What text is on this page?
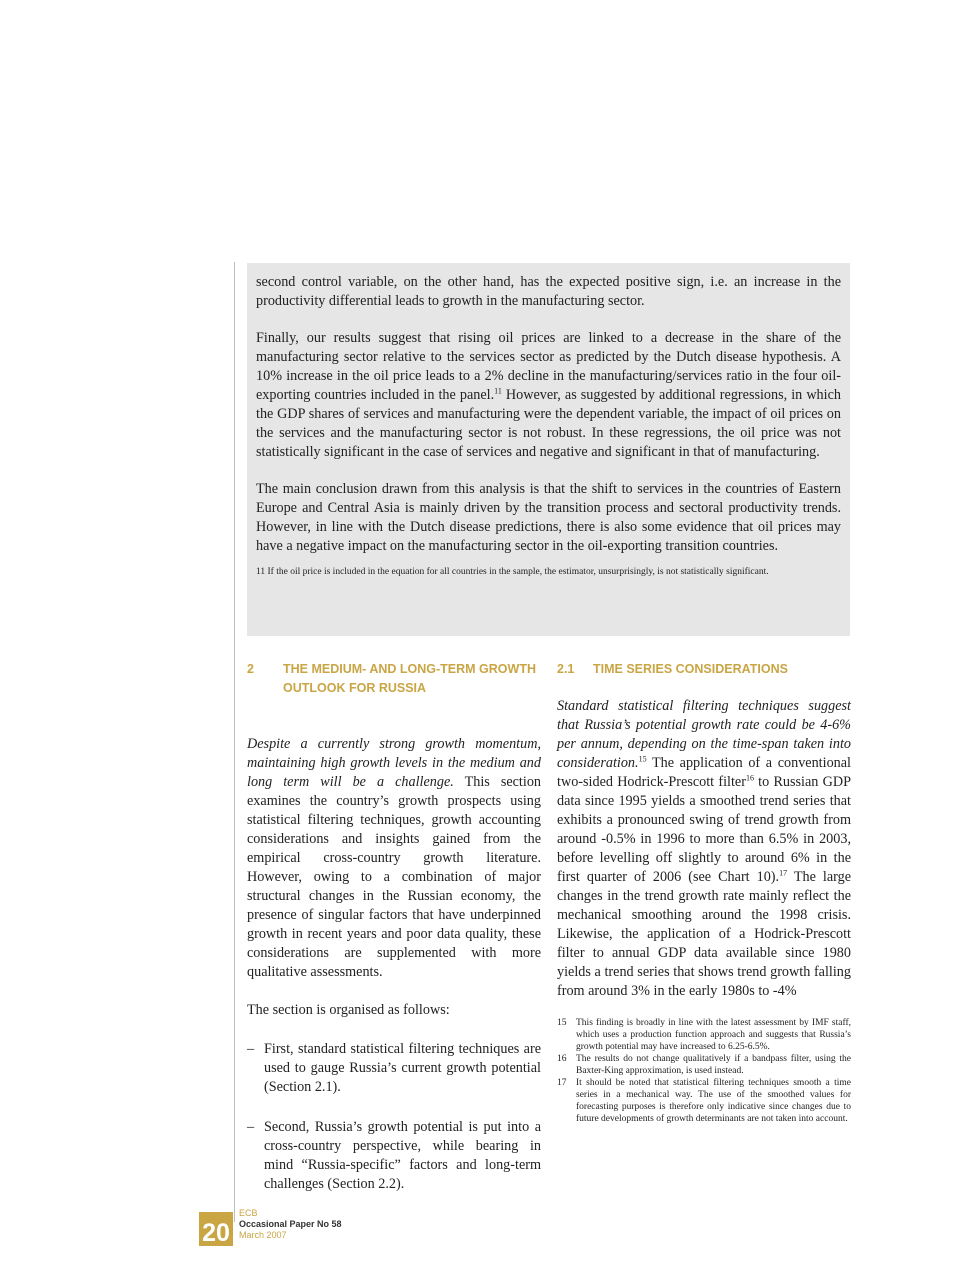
second control variable, on the other hand, has the expected positive sign, i.e. an increase in the productivity differential leads to growth in the manufacturing sector.

Finally, our results suggest that rising oil prices are linked to a decrease in the share of the manufacturing sector relative to the services sector as predicted by the Dutch disease hypothesis. A 10% increase in the oil price leads to a 2% decline in the manufacturing/services ratio in the four oil-exporting countries included in the panel.$^{11}$ However, as suggested by additional regressions, in which the GDP shares of services and manufacturing were the dependent variable, the impact of oil prices on the services and the manufacturing sector is not robust. In these regressions, the oil price was not statistically significant in the case of services and negative and significant in that of manufacturing.

The main conclusion drawn from this analysis is that the shift to services in the countries of Eastern Europe and Central Asia is mainly driven by the transition process and sectoral productivity trends. However, in line with the Dutch disease predictions, there is also some evidence that oil prices may have a negative impact on the manufacturing sector in the oil-exporting transition countries.

11 If the oil price is included in the equation for all countries in the sample, the estimator, unsurprisingly, is not statistically significant.

2	THE MEDIUM- AND LONG-TERM GROWTH OUTLOOK FOR RUSSIA

Despite a currently strong growth momentum, maintaining high growth levels in the medium and long term will be a challenge. This section examines the country’s growth prospects using statistical filtering techniques, growth accounting considerations and insights gained from the empirical cross-country growth literature. However, owing to a combination of major structural changes in the Russian economy, the presence of singular factors that have underpinned growth in recent years and poor data quality, these considerations are supplemented with more qualitative assessments.

The section is organised as follows:

– First, standard statistical filtering techniques are used to gauge Russia’s current growth potential (Section 2.1).
– Second, Russia’s growth potential is put into a cross-country perspective, while bearing in mind “Russia-specific” factors and long-term challenges (Section 2.2).
2.1	TIME SERIES CONSIDERATIONS

Standard statistical filtering techniques suggest that Russia’s potential growth rate could be 4-6% per annum, depending on the time-span taken into consideration.$^{15}$ The application of a conventional two-sided Hodrick-Prescott filter$^{16}$ to Russian GDP data since 1995 yields a smoothed trend series that exhibits a pronounced swing of trend growth from around -0.5% in 1996 to more than 6.5% in 2003, before levelling off slightly to around 6% in the first quarter of 2006 (see Chart 10).$^{17}$ The large changes in the trend growth rate mainly reflect the mechanical smoothing around the 1998 crisis. Likewise, the application of a Hodrick-Prescott filter to annual GDP data available since 1980 yields a trend series that shows trend growth falling from around 3% in the early 1980s to -4%

15	This finding is broadly in line with the latest assessment by IMF staff, which uses a production function approach and suggests that Russia’s growth potential may have increased to 6.25-6.5%.
16	The results do not change qualitatively if a bandpass filter, using the Baxter-King approximation, is used instead.
17	It should be noted that statistical filtering techniques smooth a time series in a mechanical way. The use of the smoothed values for forecasting purposes is therefore only indicative since changes due to future developments of growth determinants are not taken into account.
20
ECB
Occasional Paper No 58
March 2007
